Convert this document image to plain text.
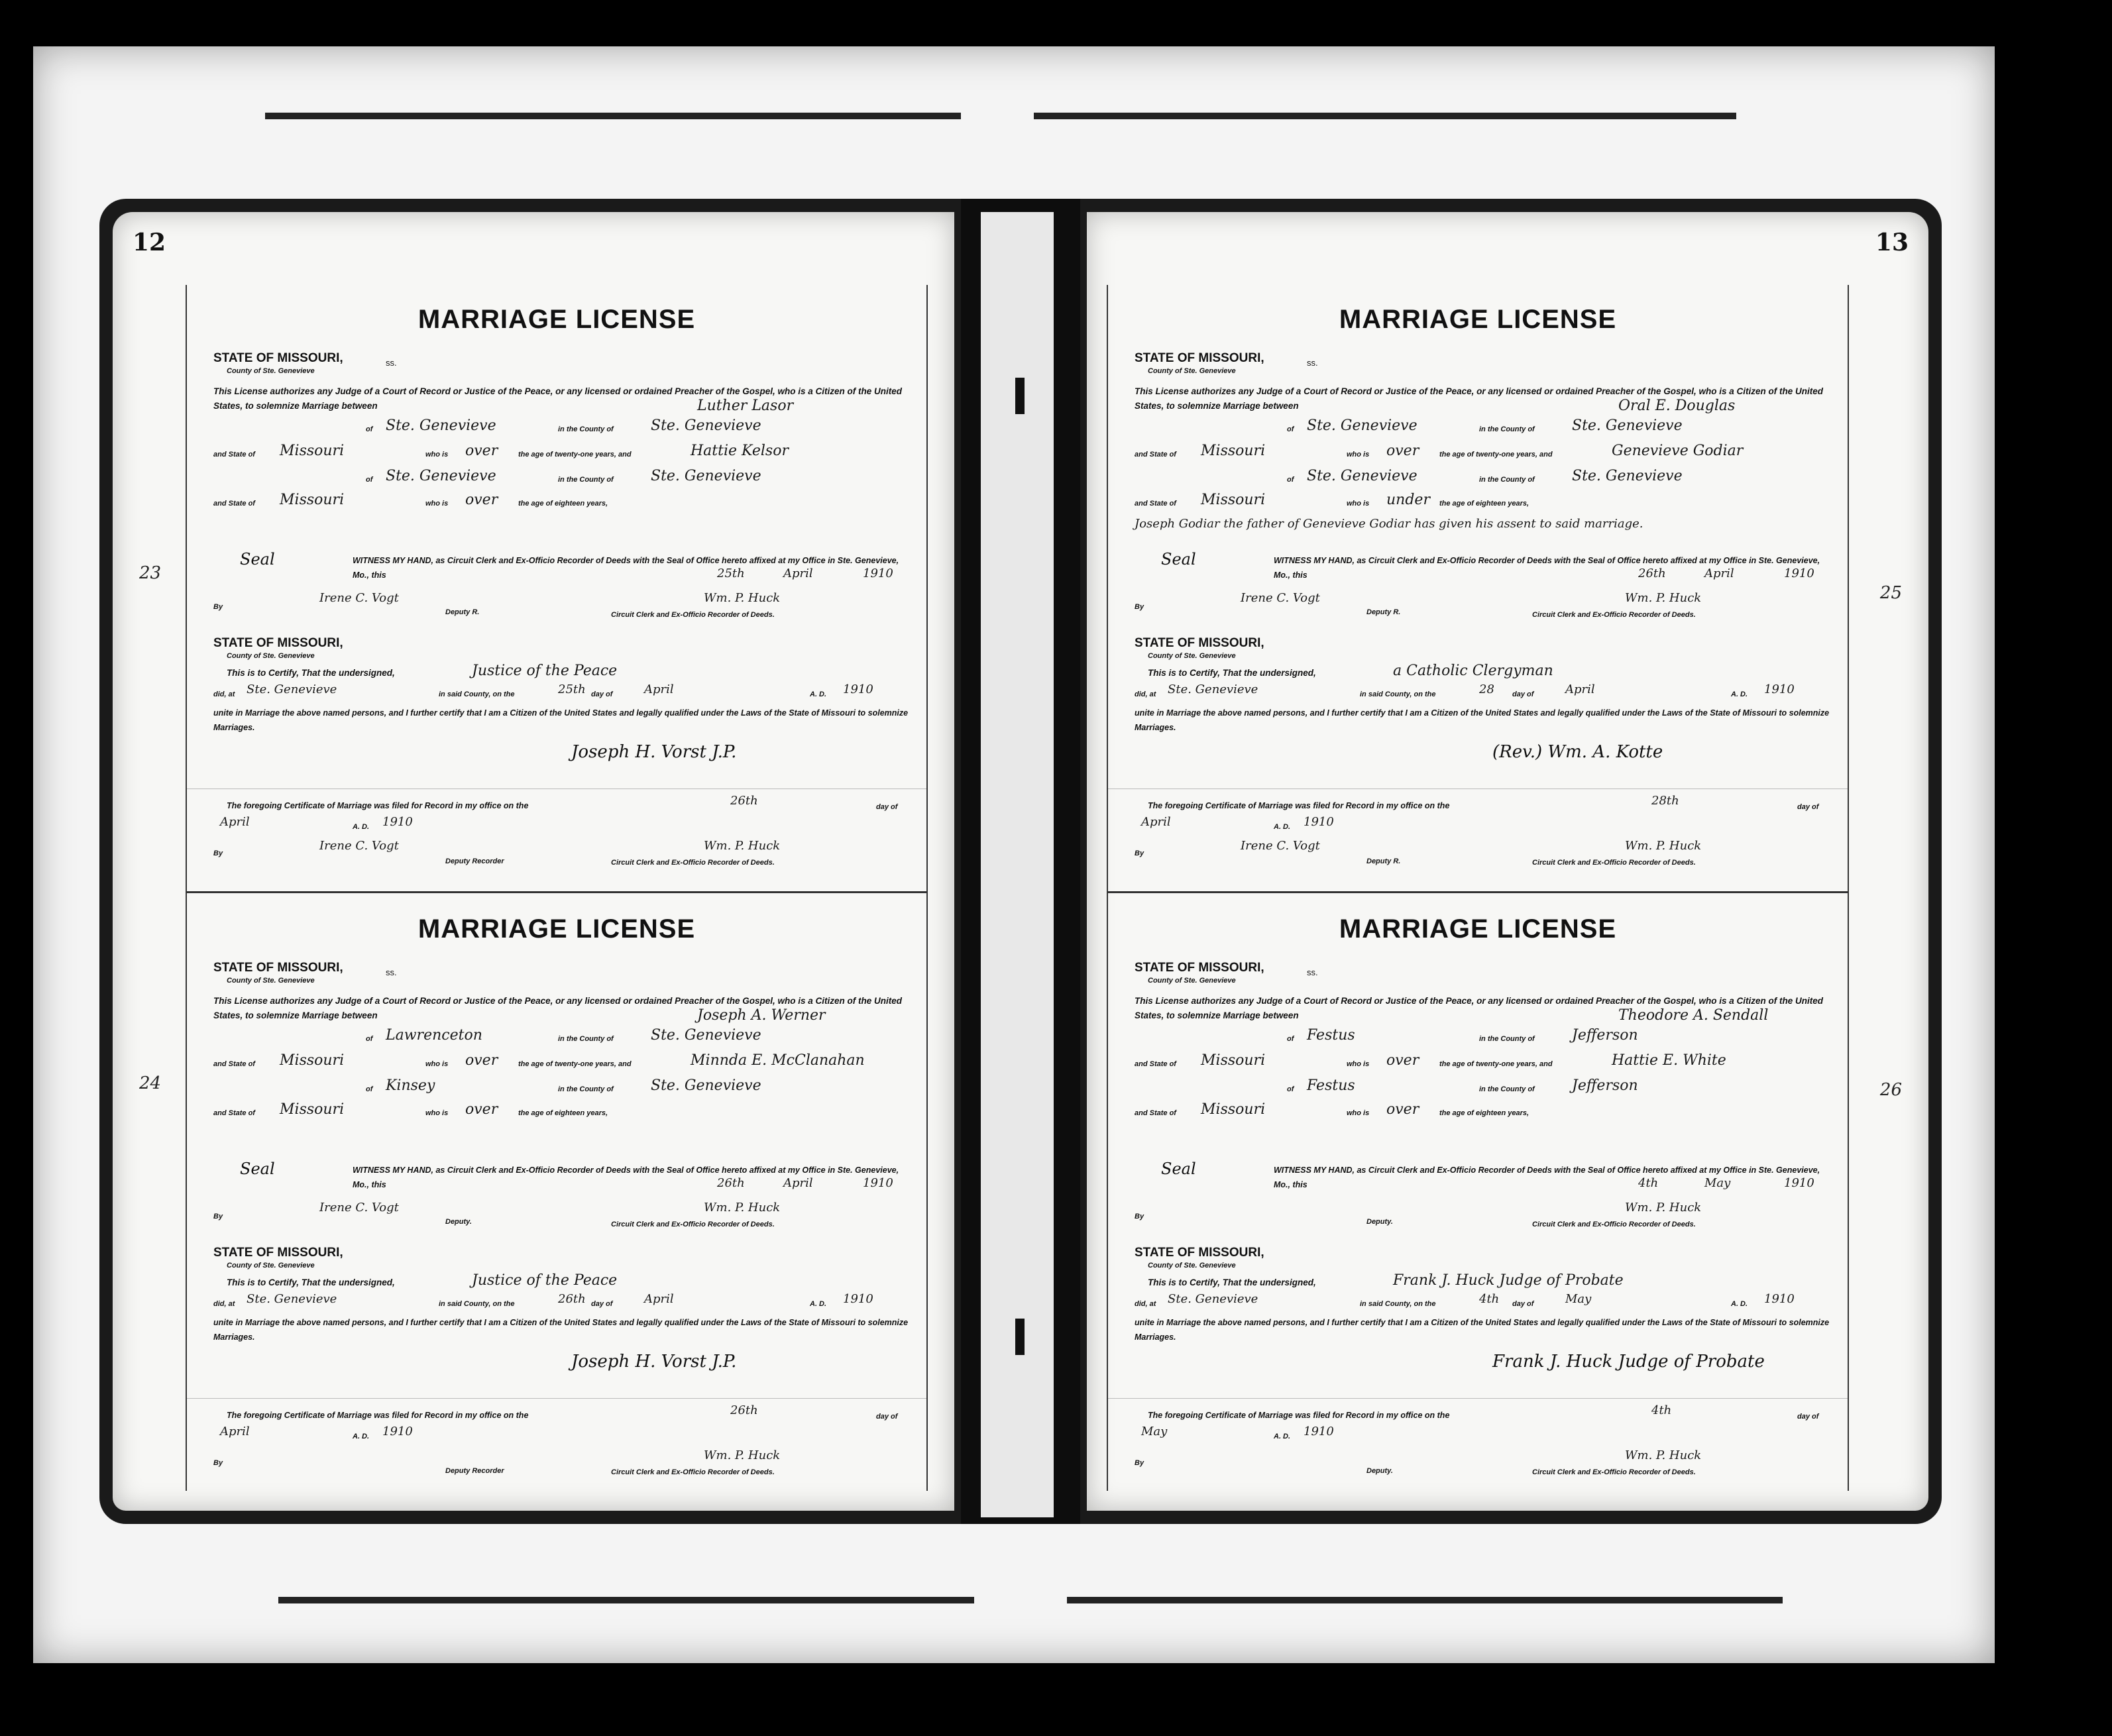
12
MARRIAGE LICENSE
STATE OF MISSOURI,
County of Ste. Genevieve
ss.
This License authorizes any Judge of a Court of Record or Justice of the Peace, or any licensed or ordained Preacher of the Gospel, who is a Citizen of the United States, to solemnize Marriage between	Luther Lasor
of Ste. Genevieve	in the County of	Ste. Genevieve
and State of Missouri	who is over	the age of twenty-one years, and	Hattie Kelsor
of Ste. Genevieve	in the County of	Ste. Genevieve
and State of Missouri	who is over	the age of eighteen years,
Seal	WITNESS MY HAND, as Circuit Clerk and Ex-Officio Recorder of Deeds with the Seal of Office hereto affixed at my Office in Ste. Genevieve, Mo., this	25th	April	1910
By
Irene C. Vogt
Deputy R.
Wm. P. Huck
Circuit Clerk and Ex-Officio Recorder of Deeds.
STATE OF MISSOURI,
County of Ste. Genevieve
This is to Certify, That the undersigned,	Justice of the Peace
did, at Ste. Genevieve	in said County, on the	25th day of	April	A. D. 1910
unite in Marriage the above named persons, and I further certify that I am a Citizen of the United States and legally qualified under the Laws of the State of Missouri to solemnize Marriages.
Joseph H. Vorst J.P.
The foregoing Certificate of Marriage was filed for Record in my office on the	26th	day of
April	A. D. 1910
By
Irene C. Vogt
Deputy Recorder
Wm. P. Huck
Circuit Clerk and Ex-Officio Recorder of Deeds.
MARRIAGE LICENSE
STATE OF MISSOURI,
County of Ste. Genevieve
ss.
This License authorizes any Judge of a Court of Record or Justice of the Peace, or any licensed or ordained Preacher of the Gospel, who is a Citizen of the United States, to solemnize Marriage between	Joseph A. Werner
of Lawrenceton	in the County of	Ste. Genevieve
and State of Missouri	who is over	the age of twenty-one years, and	Minnda E. McClanahan
of Kinsey	in the County of	Ste. Genevieve
and State of Missouri	who is over	the age of eighteen years,
Seal	WITNESS MY HAND, as Circuit Clerk and Ex-Officio Recorder of Deeds with the Seal of Office hereto affixed at my Office in Ste. Genevieve, Mo., this	26th	April	1910
By
Irene C. Vogt
Deputy.
Wm. P. Huck
Circuit Clerk and Ex-Officio Recorder of Deeds.
STATE OF MISSOURI,
County of Ste. Genevieve
This is to Certify, That the undersigned,	Justice of the Peace
did, at Ste. Genevieve	in said County, on the	26th day of	April	A. D. 1910
unite in Marriage the above named persons, and I further certify that I am a Citizen of the United States and legally qualified under the Laws of the State of Missouri to solemnize Marriages.
Joseph H. Vorst J.P.
The foregoing Certificate of Marriage was filed for Record in my office on the	26th	day of
April	A. D. 1910
By
Deputy Recorder
Wm. P. Huck
Circuit Clerk and Ex-Officio Recorder of Deeds.
23
24
13
MARRIAGE LICENSE
STATE OF MISSOURI,
County of Ste. Genevieve
ss.
This License authorizes any Judge of a Court of Record or Justice of the Peace, or any licensed or ordained Preacher of the Gospel, who is a Citizen of the United States, to solemnize Marriage between	Oral E. Douglas
of Ste. Genevieve	in the County of	Ste. Genevieve
and State of Missouri	who is over	the age of twenty-one years, and	Genevieve Godiar
of Ste. Genevieve	in the County of	Ste. Genevieve
and State of Missouri	who is under the age of eighteen years,
Joseph Godiar the father of Genevieve Godiar has given his assent to said marriage.
Seal	WITNESS MY HAND, as Circuit Clerk and Ex-Officio Recorder of Deeds with the Seal of Office hereto affixed at my Office in Ste. Genevieve, Mo., this	26th	April	1910
By
Irene C. Vogt
Deputy R.
Wm. P. Huck
Circuit Clerk and Ex-Officio Recorder of Deeds.
STATE OF MISSOURI,
County of Ste. Genevieve
This is to Certify, That the undersigned,	a Catholic Clergyman
did, at Ste. Genevieve	in said County, on the	28 day of	April	A. D. 1910
unite in Marriage the above named persons, and I further certify that I am a Citizen of the United States and legally qualified under the Laws of the State of Missouri to solemnize Marriages.
(Rev.) Wm. A. Kotte
The foregoing Certificate of Marriage was filed for Record in my office on the	28th	day of
April	A. D. 1910
By
Irene C. Vogt
Deputy R.
Wm. P. Huck
Circuit Clerk and Ex-Officio Recorder of Deeds.
MARRIAGE LICENSE
STATE OF MISSOURI,
County of Ste. Genevieve
ss.
This License authorizes any Judge of a Court of Record or Justice of the Peace, or any licensed or ordained Preacher of the Gospel, who is a Citizen of the United States, to solemnize Marriage between	Theodore A. Sendall
of Festus	in the County of	Jefferson
and State of Missouri	who is over	the age of twenty-one years, and	Hattie E. White
of Festus	in the County of	Jefferson
and State of Missouri	who is over	the age of eighteen years,
Seal	WITNESS MY HAND, as Circuit Clerk and Ex-Officio Recorder of Deeds with the Seal of Office hereto affixed at my Office in Ste. Genevieve, Mo., this	4th	May	1910
By
Deputy.
Wm. P. Huck
Circuit Clerk and Ex-Officio Recorder of Deeds.
STATE OF MISSOURI,
County of Ste. Genevieve
This is to Certify, That the undersigned,	Frank J. Huck Judge of Probate
did, at Ste. Genevieve	in said County, on the	4th day of	May	A. D. 1910
unite in Marriage the above named persons, and I further certify that I am a Citizen of the United States and legally qualified under the Laws of the State of Missouri to solemnize Marriages.
Frank J. Huck Judge of Probate
The foregoing Certificate of Marriage was filed for Record in my office on the	4th	day of
May	A. D. 1910
By
Deputy.
Wm. P. Huck
Circuit Clerk and Ex-Officio Recorder of Deeds.
25
26
